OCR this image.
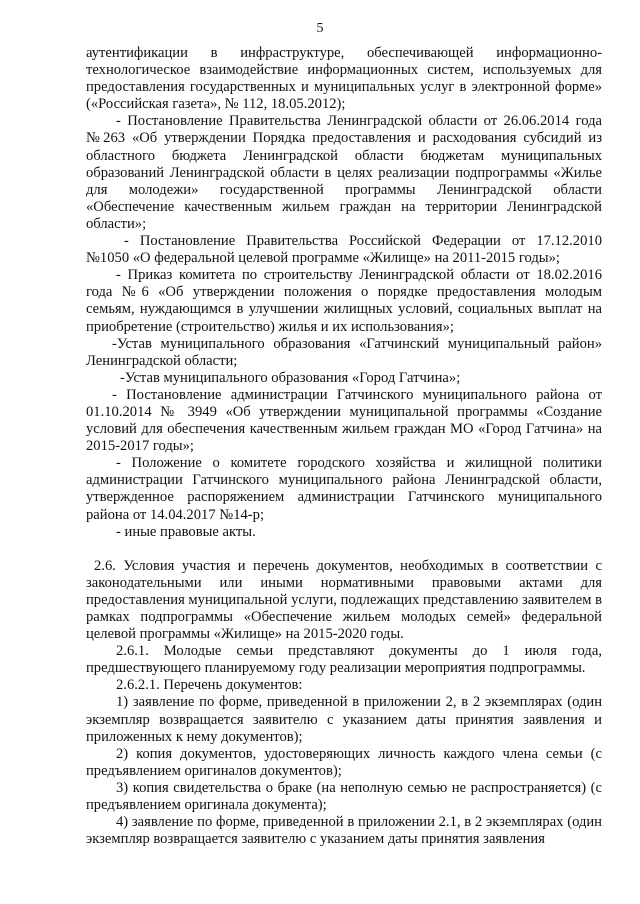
5

аутентификации в инфраструктуре, обеспечивающей информационно-технологическое взаимодействие информационных систем, используемых для предоставления государственных и муниципальных услуг в электронной форме» («Российская газета», № 112, 18.05.2012);

- Постановление Правительства Ленинградской области от 26.06.2014 года №263 «Об утверждении Порядка предоставления и расходования субсидий из областного бюджета Ленинградской области бюджетам муниципальных образований Ленинградской области в целях реализации подпрограммы «Жилье для молодежи» государственной программы Ленинградской области «Обеспечение качественным жильем граждан на территории Ленинградской области»;

- Постановление Правительства Российской Федерации от 17.12.2010 №1050 «О федеральной целевой программе «Жилище» на 2011-2015 годы»;

- Приказ комитета по строительству Ленинградской области от 18.02.2016 года №6 «Об утверждении положения о порядке предоставления молодым семьям, нуждающимся в улучшении жилищных условий, социальных выплат на приобретение (строительство) жилья и их использования»;

-Устав муниципального образования «Гатчинский муниципальный район» Ленинградской области;

-Устав муниципального образования «Город Гатчина»;

- Постановление администрации Гатчинского муниципального района от 01.10.2014 № 3949 «Об утверждении муниципальной программы «Создание условий для обеспечения качественным жильем граждан МО «Город Гатчина» на 2015-2017 годы»;

- Положение о комитете городского хозяйства и жилищной политики администрации Гатчинского муниципального района Ленинградской области, утвержденное распоряжением администрации Гатчинского муниципального района от 14.04.2017 №14-р;

- иные правовые акты.

2.6. Условия участия и перечень документов, необходимых в соответствии с законодательными или иными нормативными правовыми актами для предоставления муниципальной услуги, подлежащих представлению заявителем в рамках подпрограммы «Обеспечение жильем молодых семей» федеральной целевой программы «Жилище» на 2015-2020 годы.

2.6.1. Молодые семьи представляют документы до 1 июля года, предшествующего планируемому году реализации мероприятия подпрограммы.

2.6.2.1. Перечень документов:

1) заявление по форме, приведенной в приложении 2, в 2 экземплярах (один экземпляр возвращается заявителю с указанием даты принятия заявления и приложенных к нему документов);

2) копия документов, удостоверяющих личность каждого члена семьи (с предъявлением оригиналов документов);

3) копия свидетельства о браке (на неполную семью не распространяется) (с предъявлением оригинала документа);

4) заявление по форме, приведенной в приложении 2.1, в 2 экземплярах (один экземпляр возвращается заявителю с указанием даты принятия заявления
